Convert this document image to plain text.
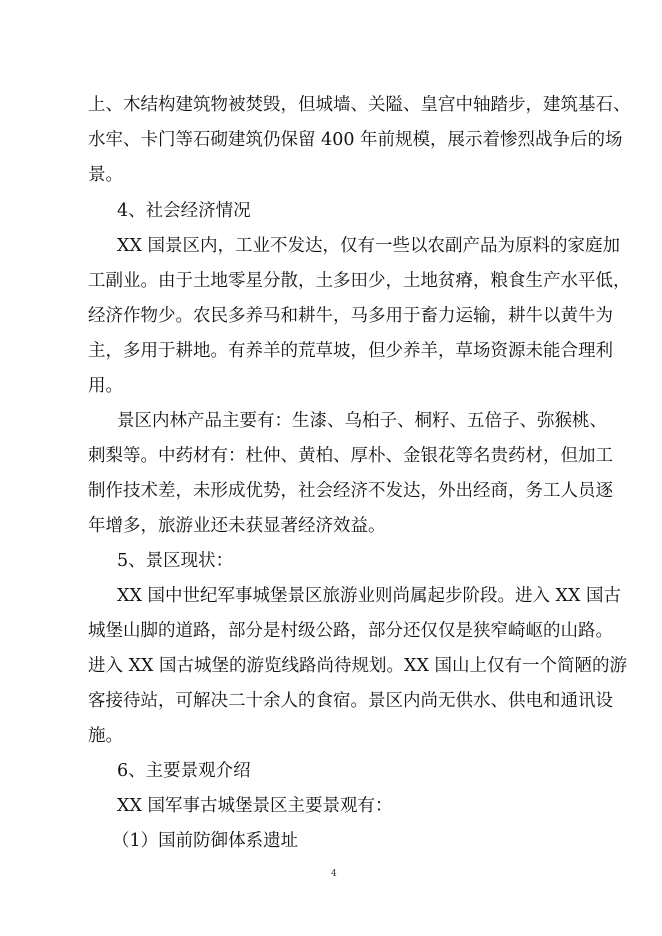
上、木结构建筑物被焚毁，但城墙、关隘、皇宫中轴踏步，建筑基石、
水牢、卡门等石砌建筑仍保留 400 年前规模，展示着惨烈战争后的场
景。
4、社会经济情况
XX 国景区内，工业不发达，仅有一些以农副产品为原料的家庭加
工副业。由于土地零星分散，土多田少，土地贫瘠，粮食生产水平低，
经济作物少。农民多养马和耕牛，马多用于畜力运输，耕牛以黄牛为
主，多用于耕地。有养羊的荒草坡，但少养羊，草场资源未能合理利
用。
景区内林产品主要有：生漆、乌桕子、桐籽、五倍子、弥猴桃、
刺梨等。中药材有：杜仲、黄柏、厚朴、金银花等名贵药材，但加工
制作技术差，未形成优势，社会经济不发达，外出经商，务工人员逐
年增多，旅游业还未获显著经济效益。
5、景区现状：
XX 国中世纪军事城堡景区旅游业则尚属起步阶段。进入 XX 国古
城堡山脚的道路，部分是村级公路，部分还仅仅是狭窄崎岖的山路。
进入 XX 国古城堡的游览线路尚待规划。XX 国山上仅有一个简陋的游
客接待站，可解决二十余人的食宿。景区内尚无供水、供电和通讯设
施。
6、主要景观介绍
XX 国军事古城堡景区主要景观有：
（1）国前防御体系遗址
4
